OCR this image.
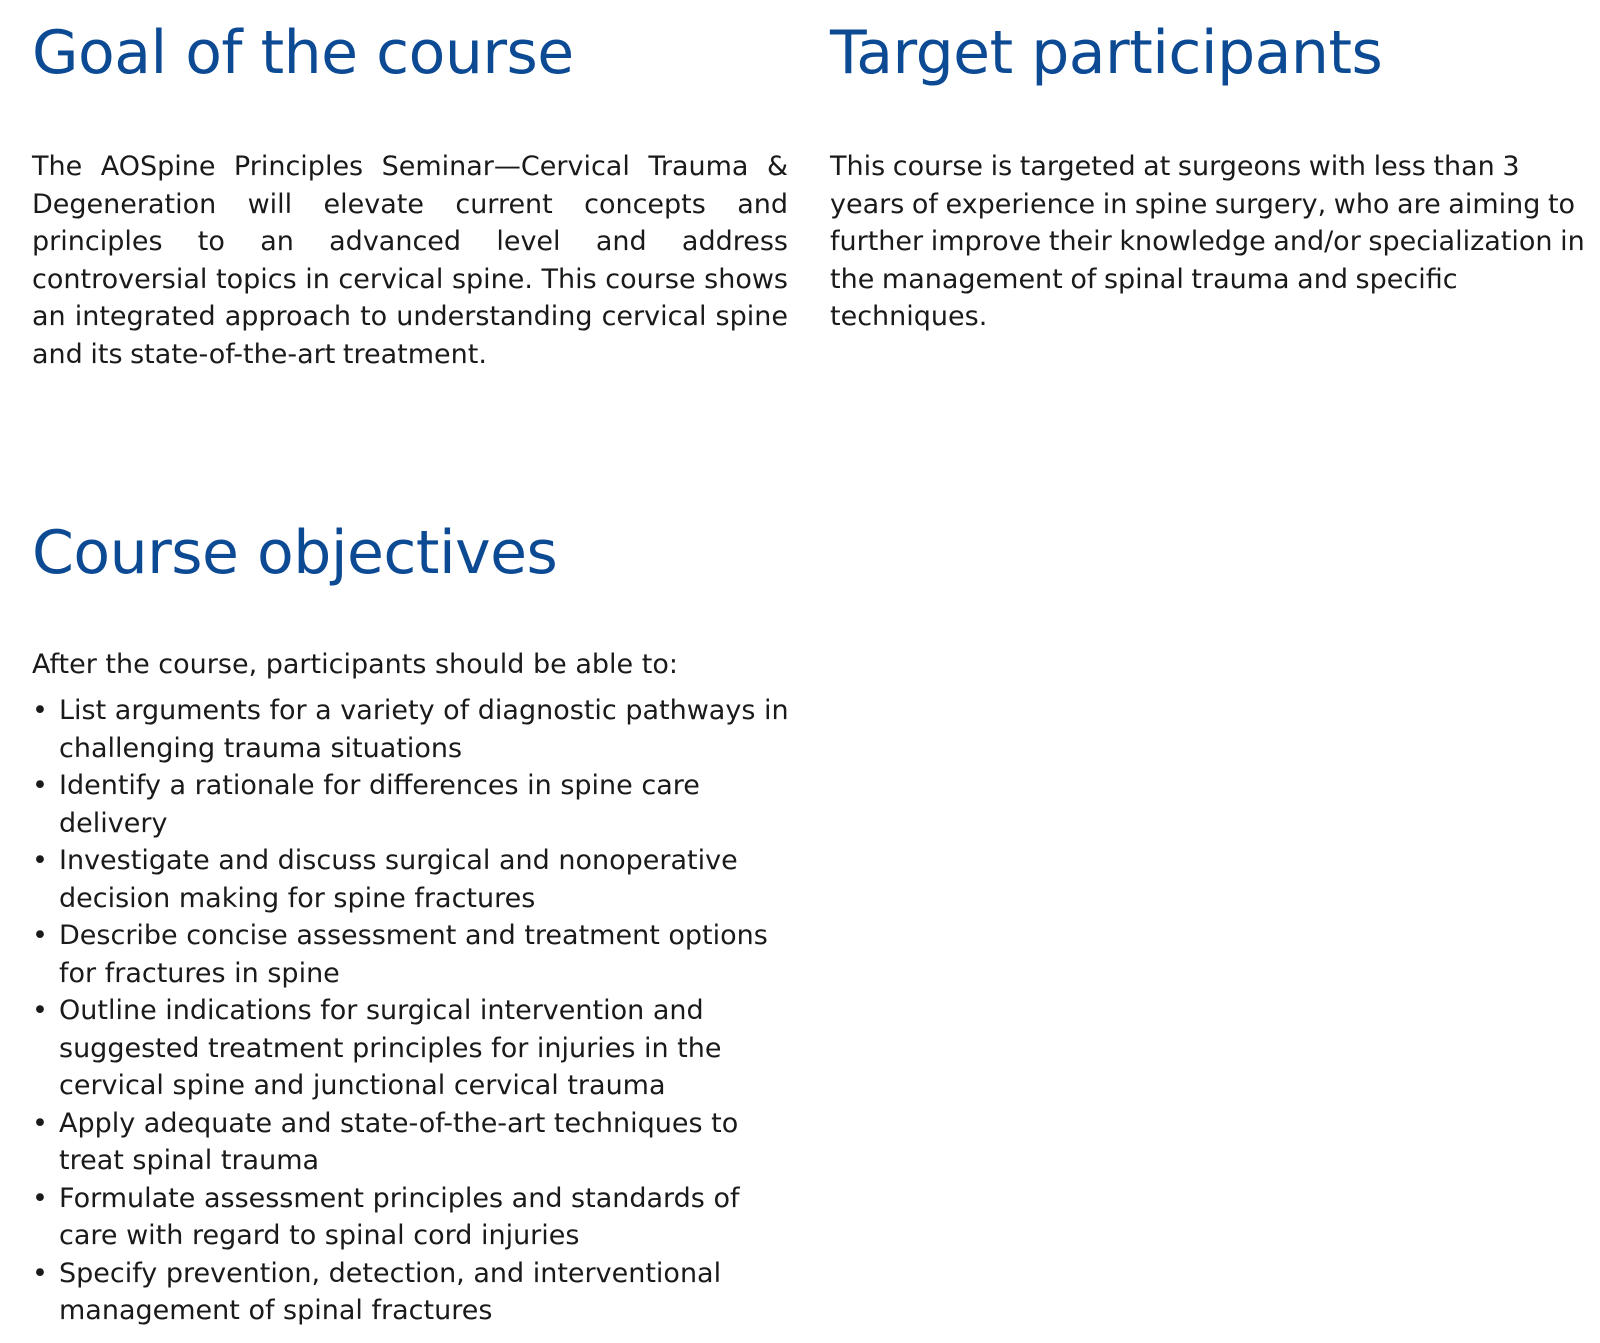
Goal of the course

The AOSpine Principles Seminar—Cervical Trauma & Degeneration will elevate current concepts and principles to an advanced level and address controversial topics in cervical spine. This course shows an integrated approach to understanding cervical spine and its state-of-the-art treatment.

Target participants

This course is targeted at surgeons with less than 3 years of experience in spine surgery, who are aiming to further improve their knowledge and/or specialization in the management of spinal trauma and specific techniques.

Course objectives

After the course, participants should be able to:

• List arguments for a variety of diagnostic pathways in challenging trauma situations
• Identify a rationale for differences in spine care delivery
• Investigate and discuss surgical and nonoperative decision making for spine fractures
• Describe concise assessment and treatment options for fractures in spine
• Outline indications for surgical intervention and suggested treatment principles for injuries in the cervical spine and junctional cervical trauma
• Apply adequate and state-of-the-art techniques to treat spinal trauma
• Formulate assessment principles and standards of care with regard to spinal cord injuries
• Specify prevention, detection, and interventional management of spinal fractures
